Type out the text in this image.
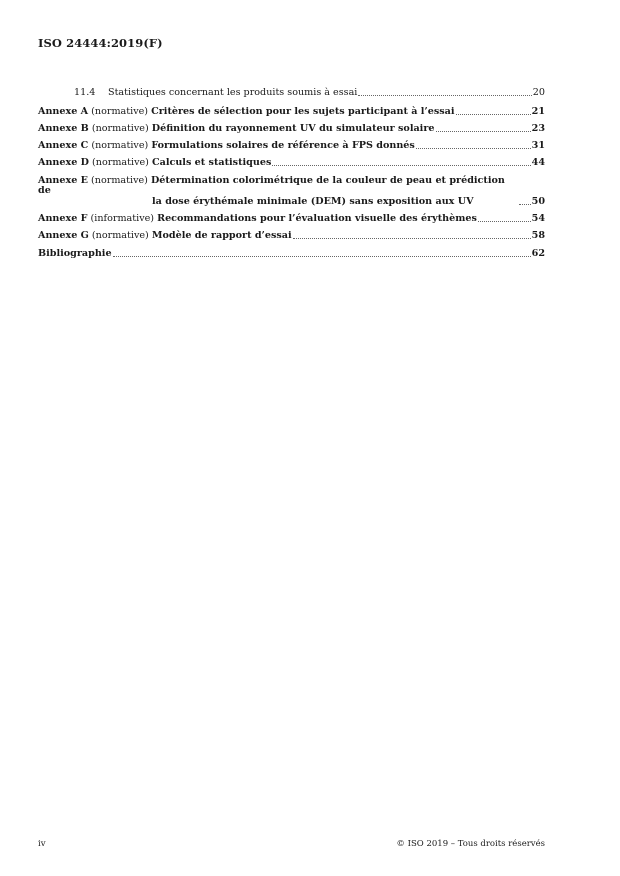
ISO 24444:2019(F)
11.4 Statistiques concernant les produits soumis à essai	20
Annexe A (normative) Critères de sélection pour les sujets participant à l’essai	21
Annexe B (normative) Définition du rayonnement UV du simulateur solaire	23
Annexe C (normative) Formulations solaires de référence à FPS donnés	31
Annexe D (normative) Calculs et statistiques	44
Annexe E (normative) Détermination colorimétrique de la couleur de peau et prédiction de
la dose érythémale minimale (DEM) sans exposition aux UV	50
Annexe F (informative) Recommandations pour l’évaluation visuelle des érythèmes	54
Annexe G (normative) Modèle de rapport d’essai	58
Bibliographie	62
iv	© ISO 2019 – Tous droits réservés
